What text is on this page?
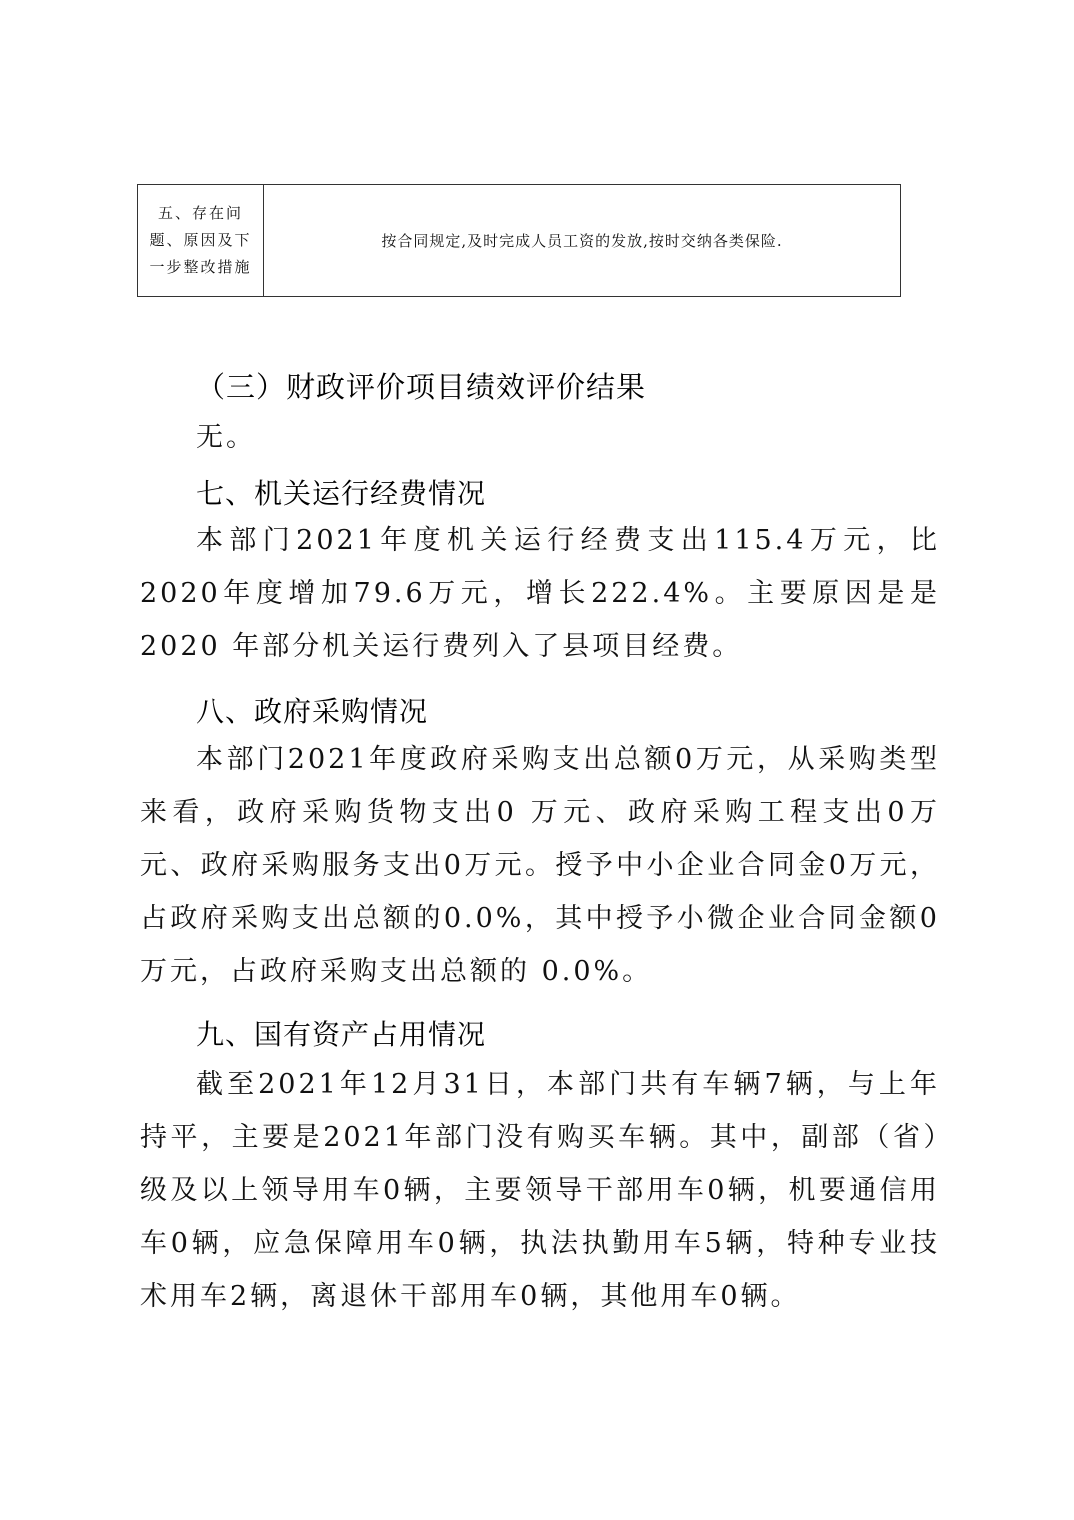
五、存在问题、原因及下一步整改措施
按合同规定,及时完成人员工资的发放,按时交纳各类保险.
（三）财政评价项目绩效评价结果
无。
七、机关运行经费情况
本部门2021年度机关运行经费支出115.4万元，比2020年度增加79.6万元，增长222.4%。主要原因是是 2020 年部分机关运行费列入了县项目经费。
八、政府采购情况
本部门2021年度政府采购支出总额0万元，从采购类型来看，政府采购货物支出0 万元、政府采购工程支出0万元、政府采购服务支出0万元。授予中小企业合同金0万元，占政府采购支出总额的0.0%，其中授予小微企业合同金额0万元，占政府采购支出总额的 0.0%。
九、国有资产占用情况
截至2021年12月31日，本部门共有车辆7辆，与上年持平，主要是2021年部门没有购买车辆。其中，副部（省）级及以上领导用车0辆，主要领导干部用车0辆，机要通信用车0辆，应急保障用车0辆，执法执勤用车5辆，特种专业技术用车2辆，离退休干部用车0辆，其他用车0辆。
